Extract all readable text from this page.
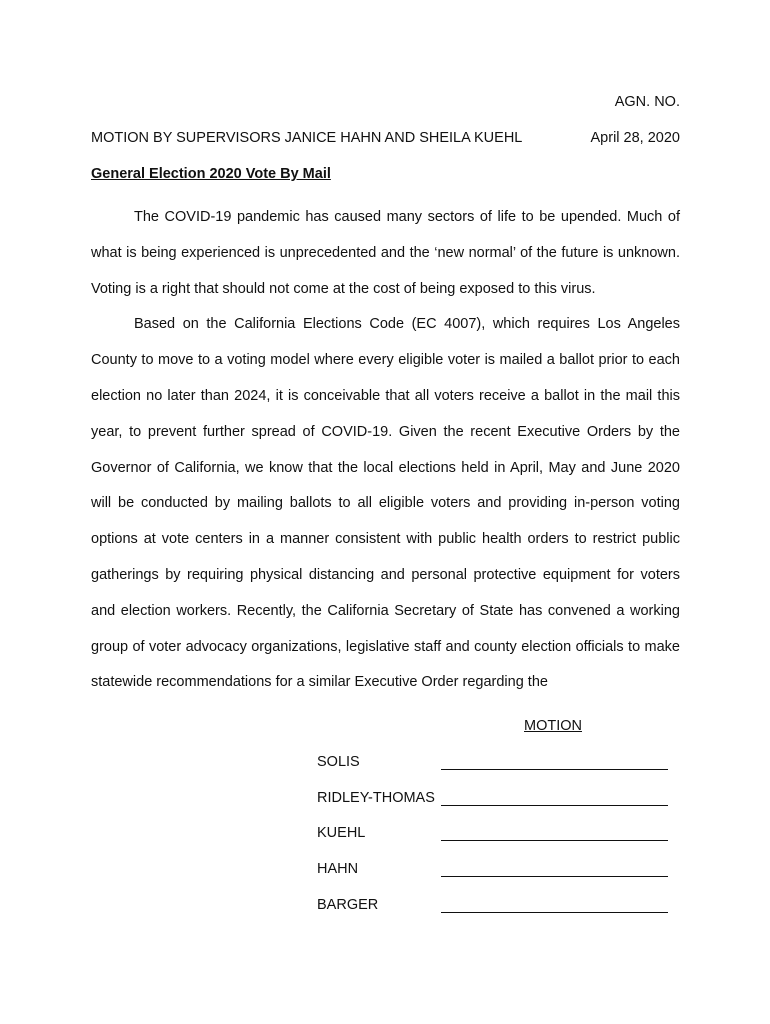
AGN. NO.
MOTION BY SUPERVISORS JANICE HAHN AND SHEILA KUEHL	April 28, 2020
General Election 2020 Vote By Mail

The COVID-19 pandemic has caused many sectors of life to be upended. Much of what is being experienced is unprecedented and the ‘new normal’ of the future is unknown. Voting is a right that should not come at the cost of being exposed to this virus.

Based on the California Elections Code (EC 4007), which requires Los Angeles County to move to a voting model where every eligible voter is mailed a ballot prior to each election no later than 2024, it is conceivable that all voters receive a ballot in the mail this year, to prevent further spread of COVID-19. Given the recent Executive Orders by the Governor of California, we know that the local elections held in April, May and June 2020 will be conducted by mailing ballots to all eligible voters and providing in-person voting options at vote centers in a manner consistent with public health orders to restrict public gatherings by requiring physical distancing and personal protective equipment for voters and election workers. Recently, the California Secretary of State has convened a working group of voter advocacy organizations, legislative staff and county election officials to make statewide recommendations for a similar Executive Order regarding the

MOTION
SOLIS
RIDLEY-THOMAS
KUEHL
HAHN
BARGER
